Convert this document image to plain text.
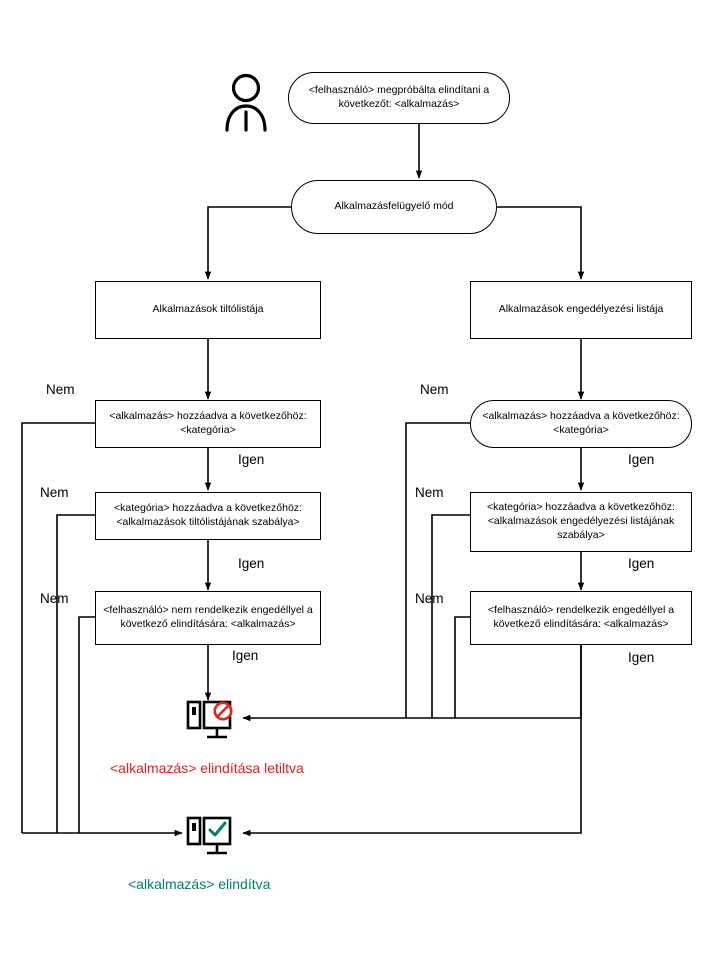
<felhasználó> megpróbálta elindítani a következőt: <alkalmazás>
Alkalmazásfelügyelő mód
Alkalmazások tiltólistája	Alkalmazások engedélyezési listája
<alkalmazás> hozzáadva a következőhöz: <kategória>
<alkalmazás> hozzáadva a következőhöz: <kategória>
<kategória> hozzáadva a következőhöz: <alkalmazások tiltólistájának szabálya>
<kategória> hozzáadva a következőhöz: <alkalmazások engedélyezési listájának szabálya>
<felhasználó> nem rendelkezik engedéllyel a következő elindítására: <alkalmazás>
<felhasználó> rendelkezik engedéllyel a következő elindítására: <alkalmazás>
Nem
Igen
Nem
Igen
Nem
Igen
Nem
Igen
Nem
Igen
Nem
Igen
<alkalmazás> elindítása letiltva
<alkalmazás> elindítva
